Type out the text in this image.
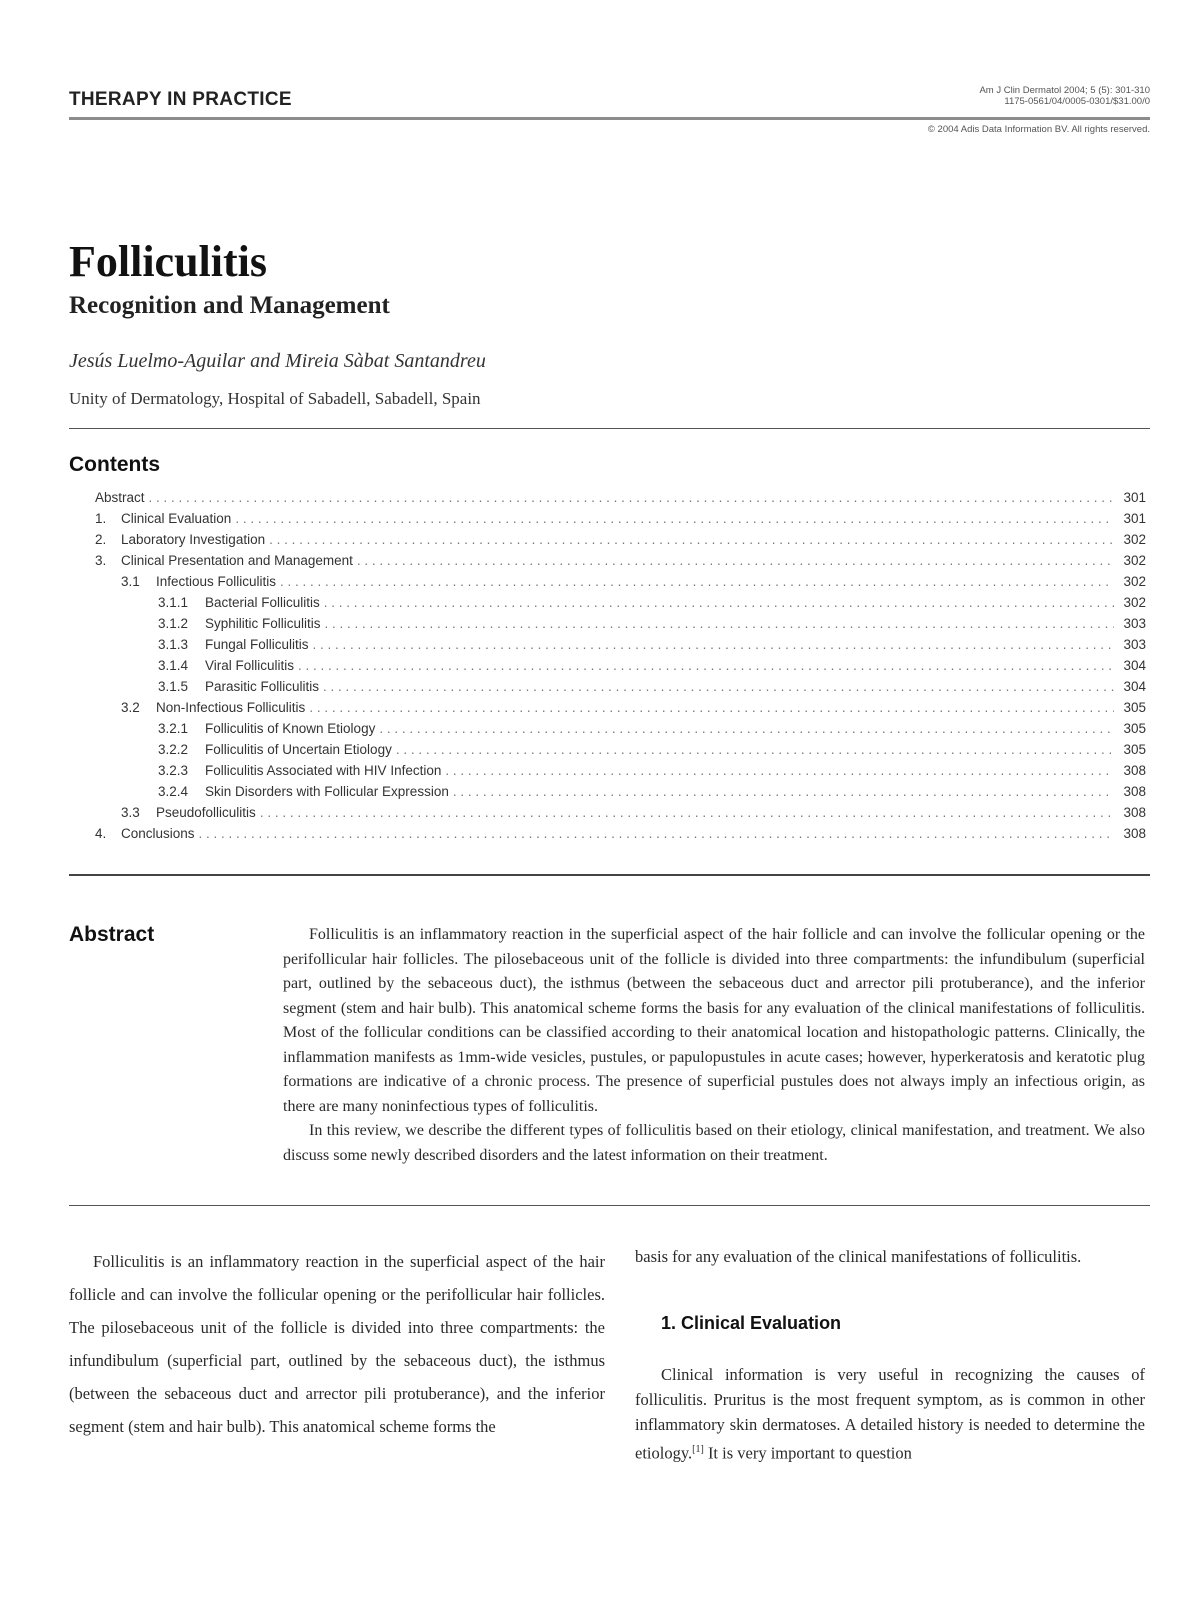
THERAPY IN PRACTICE	Am J Clin Dermatol 2004; 5 (5): 301-310
1175-0561/04/0005-0301/$31.00/0
© 2004 Adis Data Information BV. All rights reserved.
Folliculitis
Recognition and Management
Jesús Luelmo-Aguilar and Mireia Sàbat Santandreu
Unity of Dermatology, Hospital of Sabadell, Sabadell, Spain
Contents
Abstract . . .	301
1.	Clinical Evaluation . . .	301
2.	Laboratory Investigation . . .	302
3.	Clinical Presentation and Management . . .	302
3.1	Infectious Folliculitis . . .	302
3.1.1	Bacterial Folliculitis . . .	302
3.1.2	Syphilitic Folliculitis . . .	303
3.1.3	Fungal Folliculitis . . .	303
3.1.4	Viral Folliculitis . . .	304
3.1.5	Parasitic Folliculitis . . .	304
3.2	Non-Infectious Folliculitis . . .	305
3.2.1	Folliculitis of Known Etiology . . .	305
3.2.2	Folliculitis of Uncertain Etiology . . .	305
3.2.3	Folliculitis Associated with HIV Infection . . .	308
3.2.4	Skin Disorders with Follicular Expression . . .	308
3.3	Pseudofolliculitis . . .	308
4.	Conclusions . . .	308
Abstract	Folliculitis is an inflammatory reaction in the superficial aspect of the hair follicle and can involve the follicular opening or the perifollicular hair follicles. The pilosebaceous unit of the follicle is divided into three compartments: the infundibulum (superficial part, outlined by the sebaceous duct), the isthmus (between the sebaceous duct and arrector pili protuberance), and the inferior segment (stem and hair bulb). This anatomical scheme forms the basis for any evaluation of the clinical manifestations of folliculitis. Most of the follicular conditions can be classified according to their anatomical location and histopathologic patterns. Clinically, the inflammation manifests as 1mm-wide vesicles, pustules, or papulopustules in acute cases; however, hyperkeratosis and keratotic plug formations are indicative of a chronic process. The presence of superficial pustules does not always imply an infectious origin, as there are many noninfectious types of folliculitis.

In this review, we describe the different types of folliculitis based on their etiology, clinical manifestation, and treatment. We also discuss some newly described disorders and the latest information on their treatment.

Folliculitis is an inflammatory reaction in the superficial aspect of the hair follicle and can involve the follicular opening or the perifollicular hair follicles. The pilosebaceous unit of the follicle is divided into three compartments: the infundibulum (superficial part, outlined by the sebaceous duct), the isthmus (between the sebaceous duct and arrector pili protuberance), and the inferior segment (stem and hair bulb). This anatomical scheme forms the

basis for any evaluation of the clinical manifestations of folliculitis.

1. Clinical Evaluation

Clinical information is very useful in recognizing the causes of folliculitis. Pruritus is the most frequent symptom, as is common in other inflammatory skin dermatoses. A detailed history is needed to determine the etiology.[1] It is very important to question
